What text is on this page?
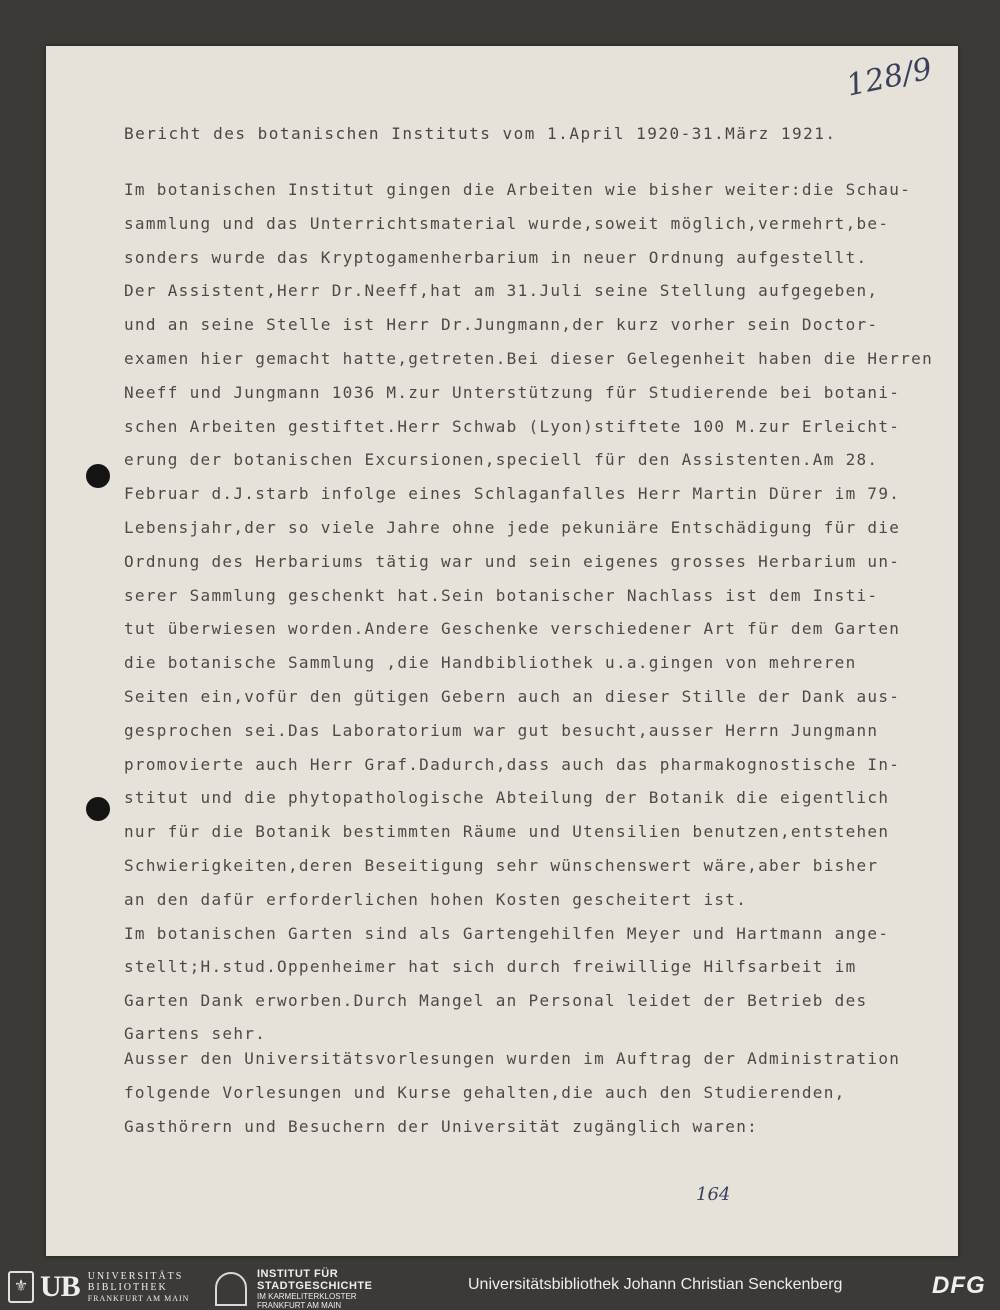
128/9
Bericht des botanischen Instituts vom 1.April 1920-31.März 1921.
Im botanischen Institut gingen die Arbeiten wie bisher weiter:die Schau-
sammlung und das Unterrichtsmaterial wurde,soweit möglich,vermehrt,be-
sonders wurde das Kryptogamenherbarium in neuer Ordnung aufgestellt.
Der Assistent,Herr Dr.Neeff,hat am 31.Juli seine Stellung aufgegeben,
und an seine Stelle ist Herr Dr.Jungmann,der kurz vorher sein Doctor-
examen hier gemacht hatte,getreten.Bei dieser Gelegenheit haben die Herren
Neeff und Jungmann 1036 M.zur Unterstützung für Studierende bei botani-
schen Arbeiten gestiftet.Herr Schwab (Lyon)stiftete 100 M.zur Erleicht-
erung der botanischen Excursionen,speciell für den Assistenten.Am 28.
Februar d.J.starb infolge eines Schlaganfalles Herr Martin Dürer im 79.
Lebensjahr,der so viele Jahre ohne jede pekuniäre Entschädigung für die
Ordnung des Herbariums tätig war und sein eigenes grosses Herbarium un-
serer Sammlung geschenkt hat.Sein botanischer Nachlass ist dem Insti-
tut überwiesen worden.Andere Geschenke verschiedener Art für dem Garten
die botanische Sammlung ,die Handbibliothek u.a.gingen von mehreren
Seiten ein,vofür den gütigen Gebern auch an dieser Stille der Dank aus-
gesprochen sei.Das Laboratorium war gut besucht,ausser Herrn Jungmann
promovierte auch Herr Graf.Dadurch,dass auch das pharmakognostische In-
stitut und die phytopathologische Abteilung der Botanik die eigentlich
nur für die Botanik bestimmten Räume und Utensilien benutzen,entstehen
Schwierigkeiten,deren Beseitigung sehr wünschenswert wäre,aber bisher
an den dafür erforderlichen hohen Kosten gescheitert ist.
Im botanischen Garten sind als Gartengehilfen Meyer und Hartmann ange-
stellt;H.stud.Oppenheimer hat sich durch freiwillige Hilfsarbeit im
Garten Dank erworben.Durch Mangel an Personal leidet der Betrieb des
Gartens sehr.
Ausser den Universitätsvorlesungen wurden im Auftrag der Administration
folgende Vorlesungen und Kurse gehalten,die auch den Studierenden,
Gasthörern und Besuchern der Universität zugänglich waren:
164
⚜ UB UNIVERSITÄTS
BIBLIOTHEK
FRANKFURT AM MAIN
INSTITUT FÜR
STADTGESCHICHTE
IM KARMELITERKLOSTER
FRANKFURT AM MAIN
Universitätsbibliothek Johann Christian Senckenberg	DFG
